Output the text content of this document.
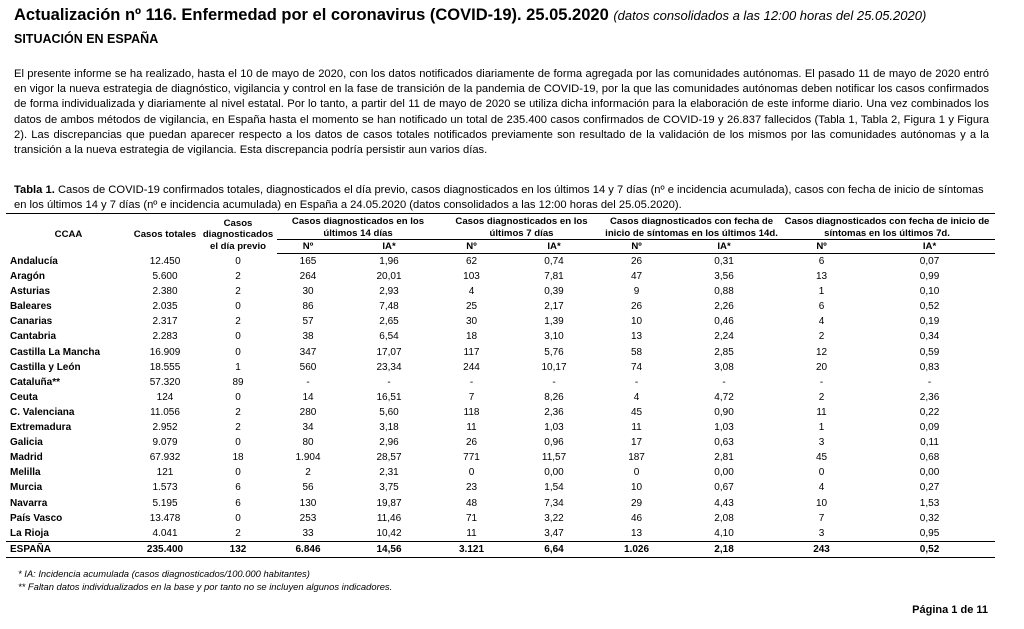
Actualización nº 116. Enfermedad por el coronavirus (COVID-19). 25.05.2020 (datos consolidados a las 12:00 horas del 25.05.2020)
SITUACIÓN EN ESPAÑA

El presente informe se ha realizado, hasta el 10 de mayo de 2020, con los datos notificados diariamente de forma agregada por las comunidades autónomas. El pasado 11 de mayo de 2020 entró en vigor la nueva estrategia de diagnóstico, vigilancia y control en la fase de transición de la pandemia de COVID-19, por la que las comunidades autónomas deben notificar los casos confirmados de forma individualizada y diariamente al nivel estatal. Por lo tanto, a partir del 11 de mayo de 2020 se utiliza dicha información para la elaboración de este informe diario. Una vez combinados los datos de ambos métodos de vigilancia, en España hasta el momento se han notificado un total de 235.400 casos confirmados de COVID-19 y 26.837 fallecidos (Tabla 1, Tabla 2, Figura 1 y Figura 2). Las discrepancias que puedan aparecer respecto a los datos de casos totales notificados previamente son resultado de la validación de los mismos por las comunidades autónomas y a la transición a la nueva estrategia de vigilancia. Esta discrepancia podría persistir aun varios días.

Tabla 1. Casos de COVID-19 confirmados totales, diagnosticados el día previo, casos diagnosticados en los últimos 14 y 7 días (nº e incidencia acumulada), casos con fecha de inicio de síntomas en los últimos 14 y 7 días (nº e incidencia acumulada) en España a 24.05.2020 (datos consolidados a las 12:00 horas del 25.05.2020).

CCAA	Casos totales	Casos diagnosticados el día previo	Casos diagnosticados en los últimos 14 días		Casos diagnosticados en los últimos 7 días		Casos diagnosticados con fecha de inicio de síntomas en los últimos 14d.		Casos diagnosticados con fecha de inicio de síntomas en los últimos 7d.	
			Nº	IA*	Nº	IA*	Nº	IA*	Nº	IA*
Andalucía	12.450	0	165	1,96	62	0,74	26	0,31	6	0,07
Aragón	5.600	2	264	20,01	103	7,81	47	3,56	13	0,99
Asturias	2.380	2	30	2,93	4	0,39	9	0,88	1	0,10
Baleares	2.035	0	86	7,48	25	2,17	26	2,26	6	0,52
Canarias	2.317	2	57	2,65	30	1,39	10	0,46	4	0,19
Cantabria	2.283	0	38	6,54	18	3,10	13	2,24	2	0,34
Castilla La Mancha	16.909	0	347	17,07	117	5,76	58	2,85	12	0,59
Castilla y León	18.555	1	560	23,34	244	10,17	74	3,08	20	0,83
Cataluña**	57.320	89	-	-	-	-	-	-	-	-
Ceuta	124	0	14	16,51	7	8,26	4	4,72	2	2,36
C. Valenciana	11.056	2	280	5,60	118	2,36	45	0,90	11	0,22
Extremadura	2.952	2	34	3,18	11	1,03	11	1,03	1	0,09
Galicia	9.079	0	80	2,96	26	0,96	17	0,63	3	0,11
Madrid	67.932	18	1.904	28,57	771	11,57	187	2,81	45	0,68
Melilla	121	0	2	2,31	0	0,00	0	0,00	0	0,00
Murcia	1.573	6	56	3,75	23	1,54	10	0,67	4	0,27
Navarra	5.195	6	130	19,87	48	7,34	29	4,43	10	1,53
País Vasco	13.478	0	253	11,46	71	3,22	46	2,08	7	0,32
La Rioja	4.041	2	33	10,42	11	3,47	13	4,10	3	0,95
ESPAÑA	235.400	132	6.846	14,56	3.121	6,64	1.026	2,18	243	0,52
* IA: Incidencia acumulada (casos diagnosticados/100.000 habitantes)
** Faltan datos individualizados en la base y por tanto no se incluyen algunos indicadores.
Página 1 de 11
